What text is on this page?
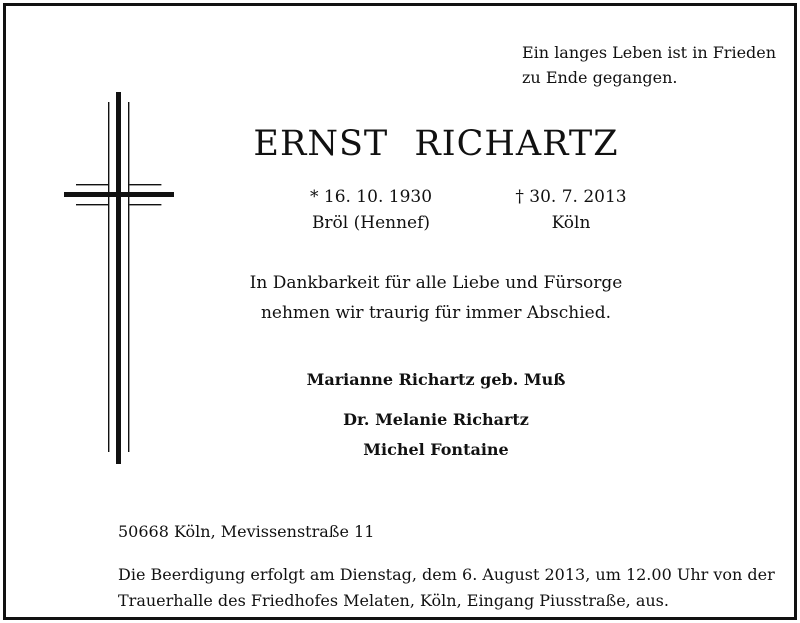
Ein langes Leben ist in Frieden
zu Ende gegangen.
ERNST RICHARTZ
* 16. 10. 1930
Bröl (Hennef)
† 30. 7. 2013
Köln
In Dankbarkeit für alle Liebe und Fürsorge
nehmen wir traurig für immer Abschied.
Marianne Richartz geb. Muß
Dr. Melanie Richartz
Michel Fontaine
50668 Köln, Mevissenstraße 11
Die Beerdigung erfolgt am Dienstag, dem 6. August 2013, um 12.00 Uhr von der
Trauerhalle des Friedhofes Melaten, Köln, Eingang Piusstraße, aus.
